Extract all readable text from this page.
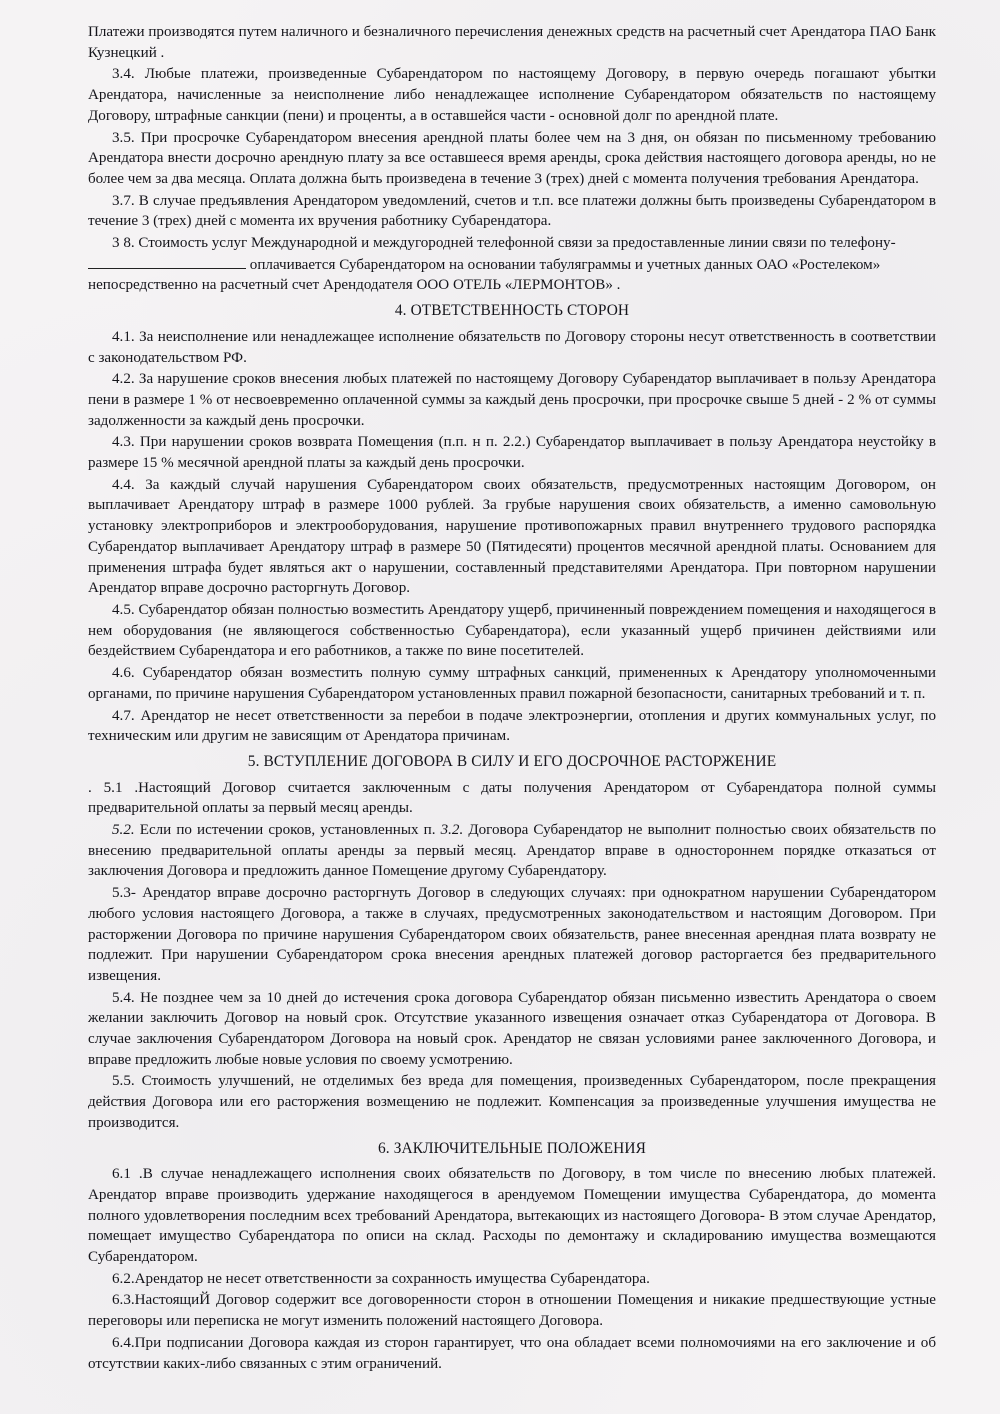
Платежи производятся путем наличного и безналичного перечисления денежных средств на расчетный счет Арендатора ПАО Банк Кузнецкий .

3.4. Любые платежи, произведенные Субарендатором по настоящему Договору, в первую очередь погашают убытки Арендатора, начисленные за неисполнение либо ненадлежащее исполнение Субарендатором обязательств по настоящему Договору, штрафные санкции (пени) и проценты, а в оставшейся части - основной долг по арендной плате.

3.5. При просрочке Субарендатором внесения арендной платы более чем на 3 дня, он обязан по письменному требованию Арендатора внести досрочно арендную плату за все оставшееся время аренды, срока действия настоящего договора аренды, но не более чем за два месяца. Оплата должна быть произведена в течение 3 (трех) дней с момента получения требования Арендатора.

3.7. В случае предъявления Арендатором уведомлений, счетов и т.п. все платежи должны быть произведены Субарендатором в течение 3 (трех) дней с момента их вручения работнику Субарендатора.

3 8. Стоимость услуг Международной и междугородней телефонной связи за предоставленные линии связи по телефону- оплачивается Субарендатором на основании табуляграммы и учетных данных ОАО «Ростелеком» непосредственно на расчетный счет Арендодателя ООО ОТЕЛЬ «ЛЕРМОНТОВ» .

4. ОТВЕТСТВЕННОСТЬ СТОРОН

4.1. За неисполнение или ненадлежащее исполнение обязательств по Договору стороны несут ответственность в соответствии с законодательством РФ.

4.2. За нарушение сроков внесения любых платежей по настоящему Договору Субарендатор выплачивает в пользу Арендатора пени в размере 1 % от несвоевременно оплаченной суммы за каждый день просрочки, при просрочке свыше 5 дней - 2 % от суммы задолженности за каждый день просрочки.

4.3. При нарушении сроков возврата Помещения (п.п. н п. 2.2.) Субарендатор выплачивает в пользу Арендатора неустойку в размере 15 % месячной арендной платы за каждый день просрочки.

4.4. За каждый случай нарушения Субарендатором своих обязательств, предусмотренных настоящим Договором, он выплачивает Арендатору штраф в размере 1000 рублей. За грубые нарушения своих обязательств, а именно самовольную установку электроприборов и электрооборудования, нарушение противопожарных правил внутреннего трудового распорядка Субарендатор выплачивает Арендатору штраф в размере 50 (Пятидесяти) процентов месячной арендной платы. Основанием для применения штрафа будет являться акт о нарушении, составленный представителями Арендатора. При повторном нарушении Арендатор вправе досрочно расторгнуть Договор.

4.5. Субарендатор обязан полностью возместить Арендатору ущерб, причиненный повреждением помещения и находящегося в нем оборудования (не являющегося собственностью Субарендатора), если указанный ущерб причинен действиями или бездействием Субарендатора и его работников, а также по вине посетителей.

4.6. Субарендатор обязан возместить полную сумму штрафных санкций, примененных к Арендатору уполномоченными органами, по причине нарушения Субарендатором установленных правил пожарной безопасности, санитарных требований и т. п.

4.7. Арендатор не несет ответственности за перебои в подаче электроэнергии, отопления и других коммунальных услуг, по техническим или другим не зависящим от Арендатора причинам.

5. ВСТУПЛЕНИЕ ДОГОВОРА В СИЛУ И ЕГО ДОСРОЧНОЕ РАСТОРЖЕНИЕ

. 5.1 .Настоящий Договор считается заключенным с даты получения Арендатором от Субарендатора полной суммы предварительной оплаты за первый месяц аренды.

5.2. Если по истечении сроков, установленных п. 3.2. Договора Субарендатор не выполнит полностью своих обязательств по внесению предварительной оплаты аренды за первый месяц. Арендатор вправе в одностороннем порядке отказаться от заключения Договора и предложить данное Помещение другому Субарендатору.

5.3- Арендатор вправе досрочно расторгнуть Договор в следующих случаях: при однократном нарушении Субарендатором любого условия настоящего Договора, а также в случаях, предусмотренных законодательством и настоящим Договором. При расторжении Договора по причине нарушения Субарендатором своих обязательств, ранее внесенная арендная плата возврату не подлежит. При нарушении Субарендатором срока внесения арендных платежей договор расторгается без предварительного извещения.

5.4. Не позднее чем за 10 дней до истечения срока договора Субарендатор обязан письменно известить Арендатора о своем желании заключить Договор на новый срок. Отсутствие указанного извещения означает отказ Субарендатора от Договора. В случае заключения Субарендатором Договора на новый срок. Арендатор не связан условиями ранее заключенного Договора, и вправе предложить любые новые условия по своему усмотрению.

5.5. Стоимость улучшений, не отделимых без вреда для помещения, произведенных Субарендатором, после прекращения действия Договора или его расторжения возмещению не подлежит. Компенсация за произведенные улучшения имущества не производится.

6. ЗАКЛЮЧИТЕЛЬНЫЕ ПОЛОЖЕНИЯ

6.1 .В случае ненадлежащего исполнения своих обязательств по Договору, в том числе по внесению любых платежей. Арендатор вправе производить удержание находящегося в арендуемом Помещении имущества Субарендатора, до момента полного удовлетворения последним всех требований Арендатора, вытекающих из настоящего Договора- В этом случае Арендатор, помещает имущество Субарендатора по описи на склад. Расходы по демонтажу и складированию имущества возмещаются Субарендатором.

6.2.Арендатор не несет ответственности за сохранность имущества Субарендатора.

6.3.НастоящиЙ Договор содержит все договоренности сторон в отношении Помещения и никакие предшествующие устные переговоры или переписка не могут изменить положений настоящего Договора.

6.4.При подписании Договора каждая из сторон гарантирует, что она обладает всеми полномочиями на его заключение и об отсутствии каких-либо связанных с этим ограничений.
